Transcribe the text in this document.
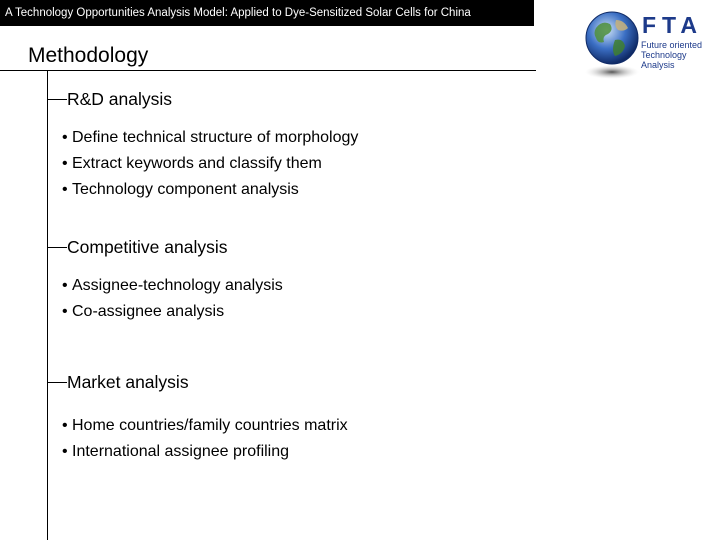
A Technology Opportunities Analysis Model: Applied to Dye-Sensitized Solar Cells for China
Methodology
R&D analysis
• Define technical structure of morphology
• Extract keywords and classify them
• Technology component analysis
Competitive analysis
• Assignee-technology analysis
• Co-assignee analysis
Market analysis
• Home countries/family countries matrix
• International assignee profiling
FTA
Future oriented
Technology
Analysis
